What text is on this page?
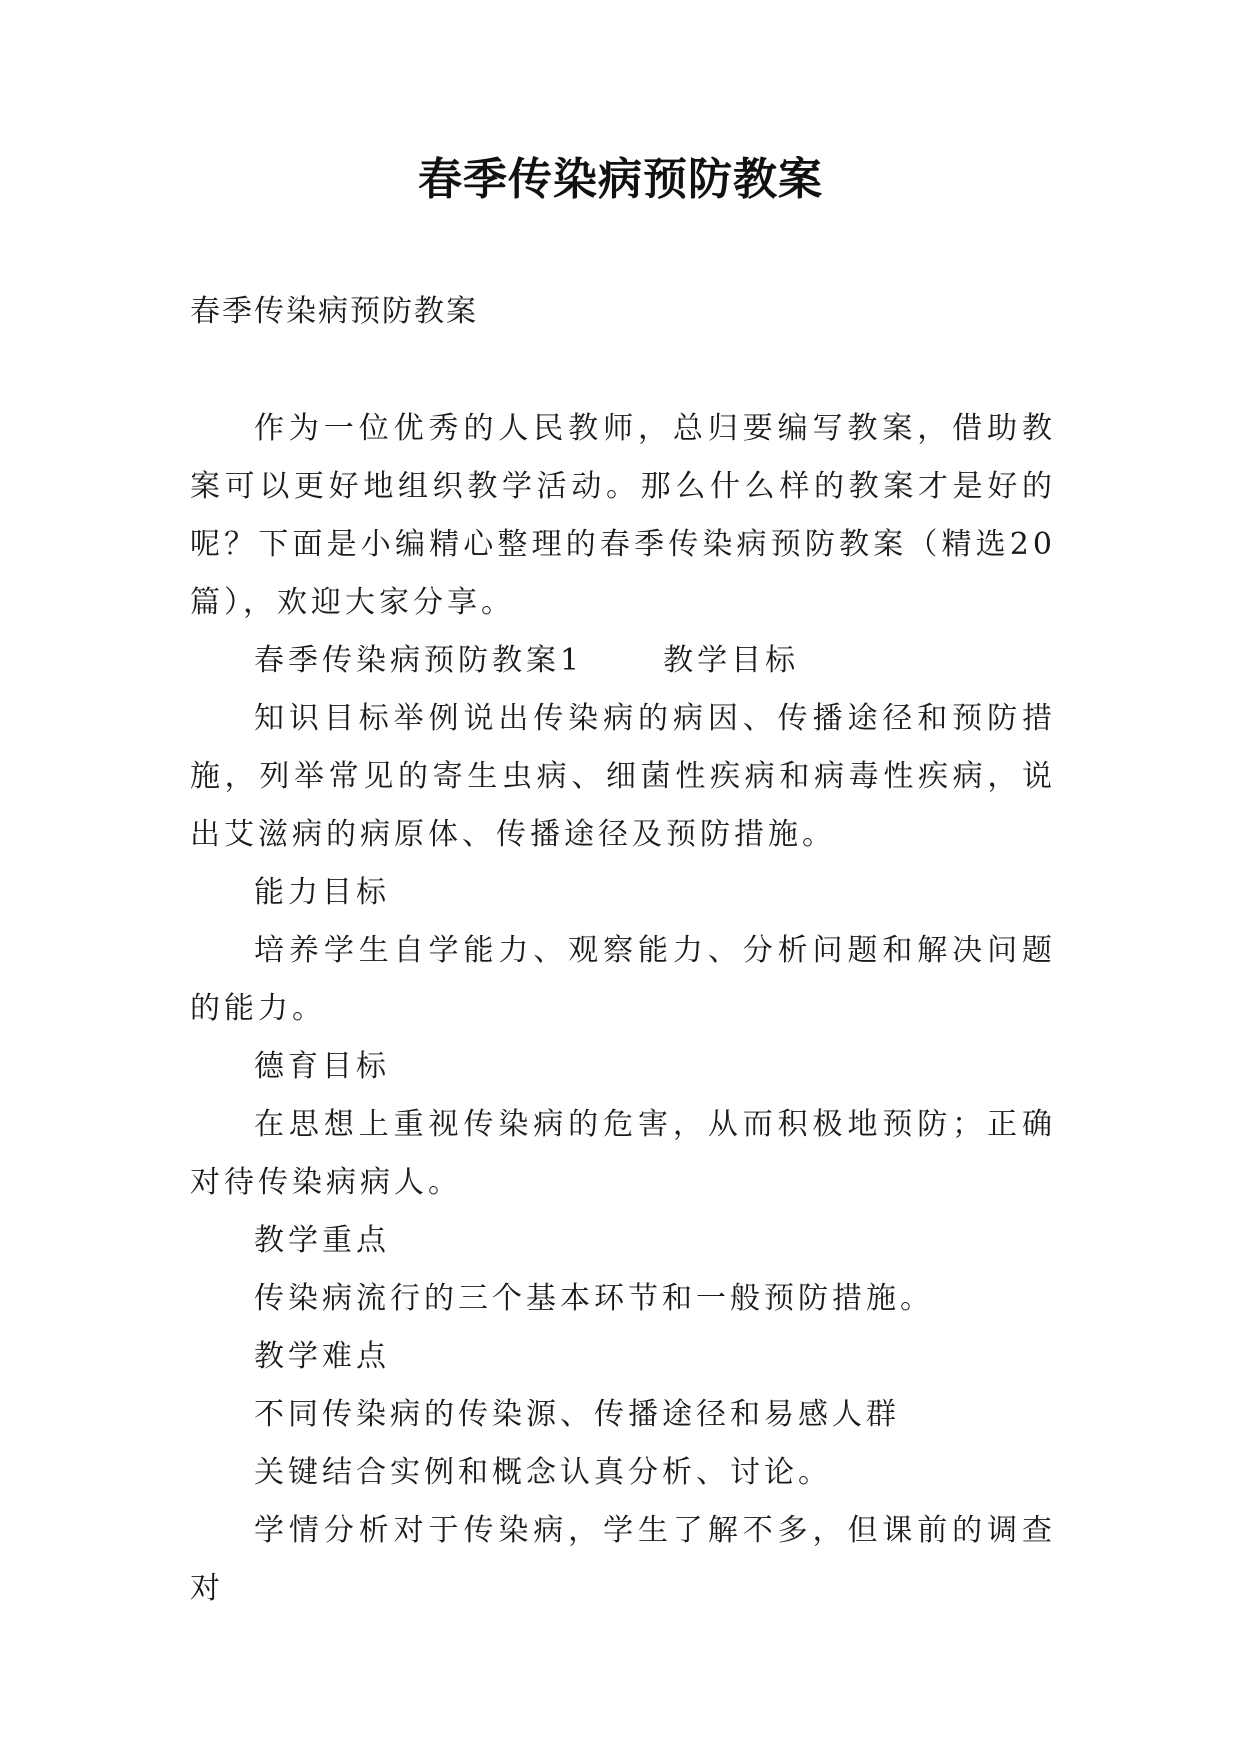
春季传染病预防教案
春季传染病预防教案

作为一位优秀的人民教师，总归要编写教案，借助教案可以更好地组织教学活动。那么什么样的教案才是好的呢？下面是小编精心整理的春季传染病预防教案（精选20篇），欢迎大家分享。

春季传染病预防教案1	教学目标

知识目标举例说出传染病的病因、传播途径和预防措施，列举常见的寄生虫病、细菌性疾病和病毒性疾病，说出艾滋病的病原体、传播途径及预防措施。

能力目标

培养学生自学能力、观察能力、分析问题和解决问题的能力。

德育目标

在思想上重视传染病的危害，从而积极地预防；正确对待传染病病人。

教学重点

传染病流行的三个基本环节和一般预防措施。

教学难点

不同传染病的传染源、传播途径和易感人群

关键结合实例和概念认真分析、讨论。

学情分析对于传染病，学生了解不多，但课前的调查对
